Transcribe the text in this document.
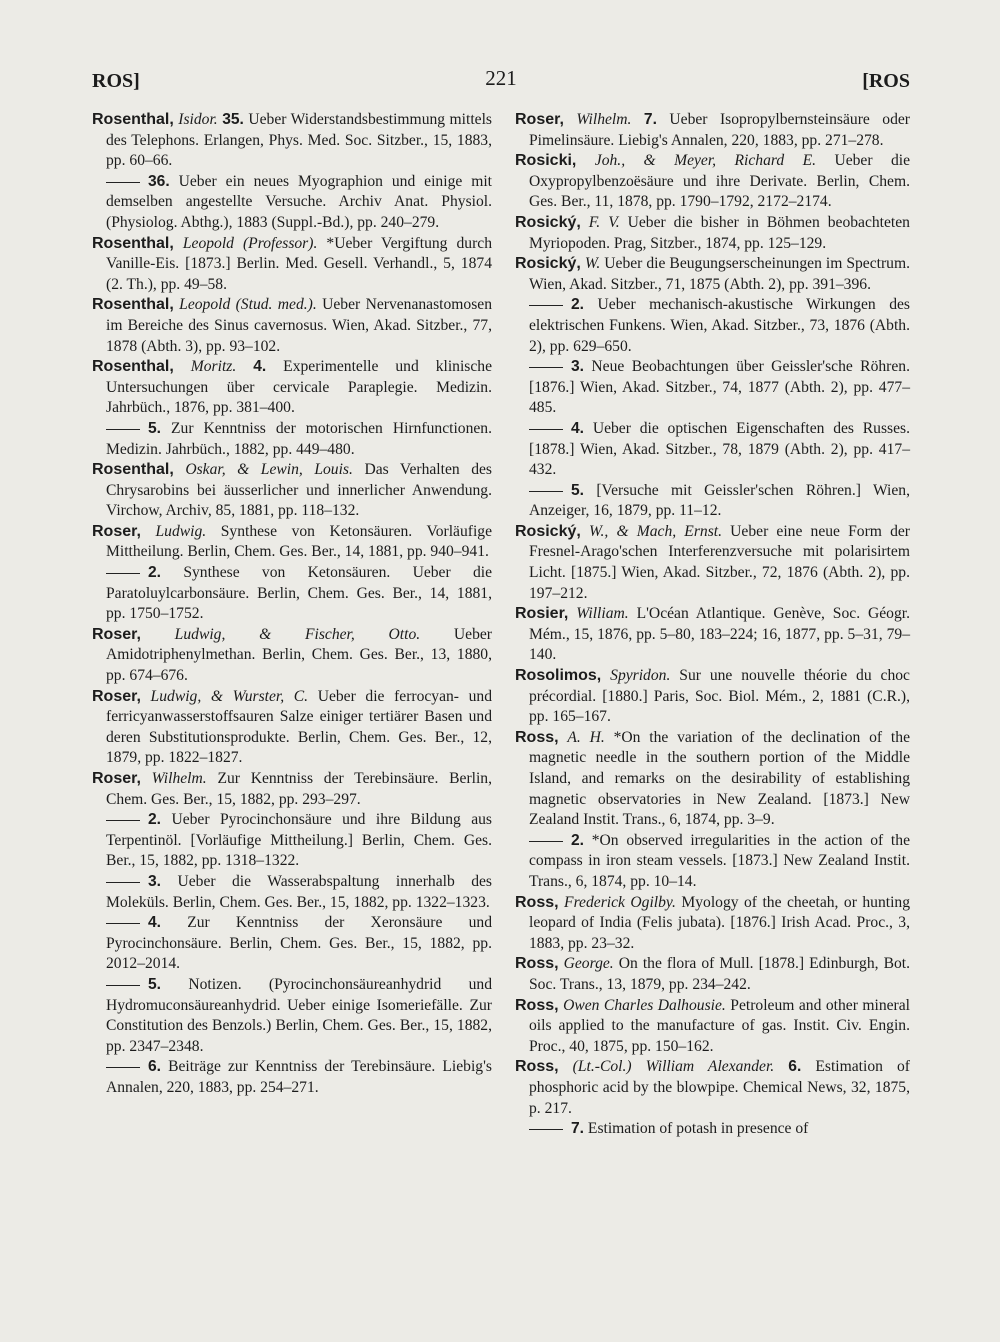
ROS]	221	[ROS

Rosenthal, Isidor. 35. Ueber Widerstandsbestimmung mittels des Telephons. Erlangen, Phys. Med. Soc. Sitzber., 15, 1883, pp. 60–66.

36. Ueber ein neues Myographion und einige mit demselben angestellte Versuche. Archiv Anat. Physiol. (Physiolog. Abthg.), 1883 (Suppl.-Bd.), pp. 240–279.

Rosenthal, Leopold (Professor). *Ueber Vergiftung durch Vanille-Eis. [1873.] Berlin. Med. Gesell. Verhandl., 5, 1874 (2. Th.), pp. 49–58.

Rosenthal, Leopold (Stud. med.). Ueber Nervenanastomosen im Bereiche des Sinus cavernosus. Wien, Akad. Sitzber., 77, 1878 (Abth. 3), pp. 93–102.

Rosenthal, Moritz. 4. Experimentelle und klinische Untersuchungen über cervicale Paraplegie. Medizin. Jahrbüch., 1876, pp. 381–400.

5. Zur Kenntniss der motorischen Hirnfunctionen. Medizin. Jahrbüch., 1882, pp. 449–480.

Rosenthal, Oskar, & Lewin, Louis. Das Verhalten des Chrysarobins bei äusserlicher und innerlicher Anwendung. Virchow, Archiv, 85, 1881, pp. 118–132.

Roser, Ludwig. Synthese von Ketonsäuren. Vorläufige Mittheilung. Berlin, Chem. Ges. Ber., 14, 1881, pp. 940–941.

2. Synthese von Ketonsäuren. Ueber die Paratoluylcarbonsäure. Berlin, Chem. Ges. Ber., 14, 1881, pp. 1750–1752.

Roser, Ludwig, & Fischer, Otto. Ueber Amidotriphenylmethan. Berlin, Chem. Ges. Ber., 13, 1880, pp. 674–676.

Roser, Ludwig, & Wurster, C. Ueber die ferrocyan- und ferricyanwasserstoffsauren Salze einiger tertiärer Basen und deren Substitutionsprodukte. Berlin, Chem. Ges. Ber., 12, 1879, pp. 1822–1827.

Roser, Wilhelm. Zur Kenntniss der Terebinsäure. Berlin, Chem. Ges. Ber., 15, 1882, pp. 293–297.

2. Ueber Pyrocinchonsäure und ihre Bildung aus Terpentinöl. [Vorläufige Mittheilung.] Berlin, Chem. Ges. Ber., 15, 1882, pp. 1318–1322.

3. Ueber die Wasserabspaltung innerhalb des Moleküls. Berlin, Chem. Ges. Ber., 15, 1882, pp. 1322–1323.

4. Zur Kenntniss der Xeronsäure und Pyrocinchonsäure. Berlin, Chem. Ges. Ber., 15, 1882, pp. 2012–2014.

5. Notizen. (Pyrocinchonsäureanhydrid und Hydromuconsäureanhydrid. Ueber einige Isomeriefälle. Zur Constitution des Benzols.) Berlin, Chem. Ges. Ber., 15, 1882, pp. 2347–2348.

6. Beiträge zur Kenntniss der Terebinsäure. Liebig's Annalen, 220, 1883, pp. 254–271.

Roser, Wilhelm. 7. Ueber Isopropylbernsteinsäure oder Pimelinsäure. Liebig's Annalen, 220, 1883, pp. 271–278.

Rosicki, Joh., & Meyer, Richard E. Ueber die Oxypropylbenzoësäure und ihre Derivate. Berlin, Chem. Ges. Ber., 11, 1878, pp. 1790–1792, 2172–2174.

Rosický, F. V. Ueber die bisher in Böhmen beobachteten Myriopoden. Prag, Sitzber., 1874, pp. 125–129.

Rosický, W. Ueber die Beugungserscheinungen im Spectrum. Wien, Akad. Sitzber., 71, 1875 (Abth. 2), pp. 391–396.

2. Ueber mechanisch-akustische Wirkungen des elektrischen Funkens. Wien, Akad. Sitzber., 73, 1876 (Abth. 2), pp. 629–650.

3. Neue Beobachtungen über Geissler'sche Röhren. [1876.] Wien, Akad. Sitzber., 74, 1877 (Abth. 2), pp. 477–485.

4. Ueber die optischen Eigenschaften des Russes. [1878.] Wien, Akad. Sitzber., 78, 1879 (Abth. 2), pp. 417–432.

5. [Versuche mit Geissler'schen Röhren.] Wien, Anzeiger, 16, 1879, pp. 11–12.

Rosický, W., & Mach, Ernst. Ueber eine neue Form der Fresnel-Arago'schen Interferenzversuche mit polarisirtem Licht. [1875.] Wien, Akad. Sitzber., 72, 1876 (Abth. 2), pp. 197–212.

Rosier, William. L'Océan Atlantique. Genève, Soc. Géogr. Mém., 15, 1876, pp. 5–80, 183–224; 16, 1877, pp. 5–31, 79–140.

Rosolimos, Spyridon. Sur une nouvelle théorie du choc précordial. [1880.] Paris, Soc. Biol. Mém., 2, 1881 (C.R.), pp. 165–167.

Ross, A. H. *On the variation of the declination of the magnetic needle in the southern portion of the Middle Island, and remarks on the desirability of establishing magnetic observatories in New Zealand. [1873.] New Zealand Instit. Trans., 6, 1874, pp. 3–9.

2. *On observed irregularities in the action of the compass in iron steam vessels. [1873.] New Zealand Instit. Trans., 6, 1874, pp. 10–14.

Ross, Frederick Ogilby. Myology of the cheetah, or hunting leopard of India (Felis jubata). [1876.] Irish Acad. Proc., 3, 1883, pp. 23–32.

Ross, George. On the flora of Mull. [1878.] Edinburgh, Bot. Soc. Trans., 13, 1879, pp. 234–242.

Ross, Owen Charles Dalhousie. Petroleum and other mineral oils applied to the manufacture of gas. Instit. Civ. Engin. Proc., 40, 1875, pp. 150–162.

Ross, (Lt.-Col.) William Alexander. 6. Estimation of phosphoric acid by the blowpipe. Chemical News, 32, 1875, p. 217.

7. Estimation of potash in presence of
